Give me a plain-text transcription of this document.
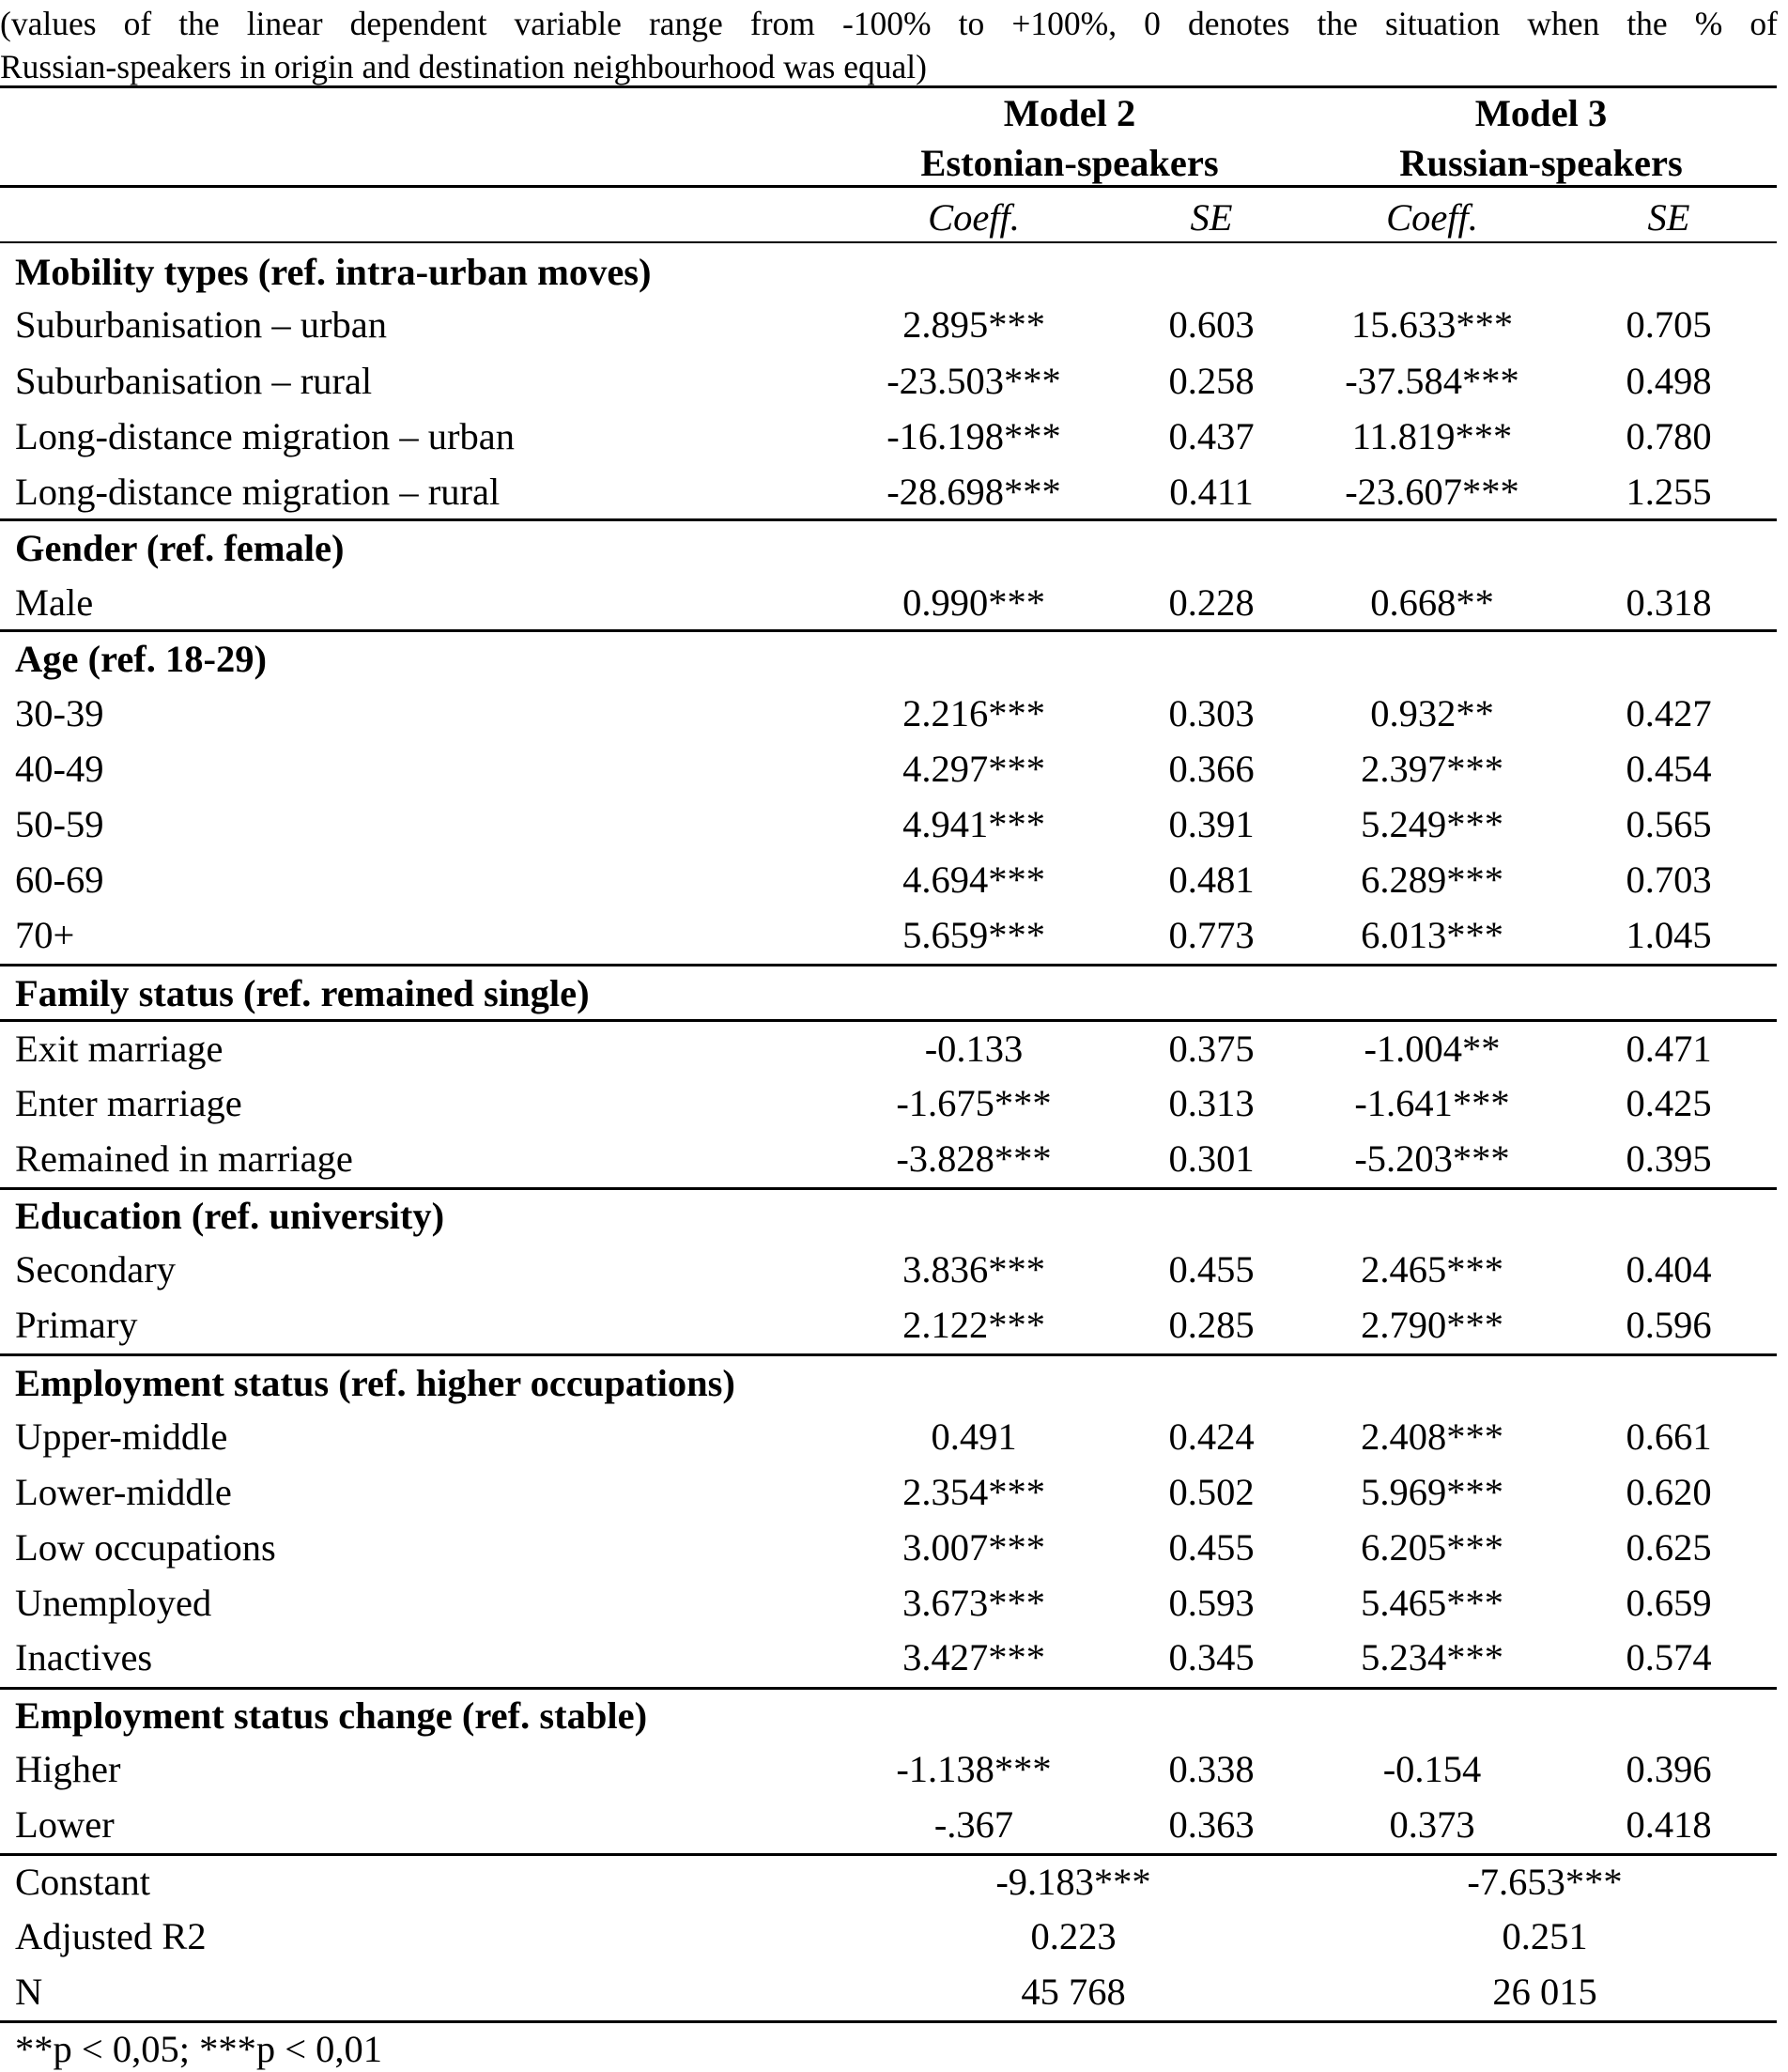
(values of the linear dependent variable range from -100% to +100%, 0 denotes the situation when the % of
Russian-speakers in origin and destination neighbourhood was equal)
Model 2
Estonian-speakers
Model 3
Russian-speakers
Coeff.	SE	Coeff.	SE
Mobility types (ref. intra-urban moves)
Suburbanisation – urban	2.895***	0.603	15.633***	0.705
Suburbanisation – rural	-23.503***	0.258 -37.584***	0.498
Long-distance migration – urban	-16.198***	0.437	11.819***	0.780
Long-distance migration – rural	-28.698***	0.411 -23.607***	1.255
Gender (ref. female)
Male	0.990***	0.228	0.668**	0.318
Age (ref. 18-29)
30-39	2.216***	0.303	0.932**	0.427
40-49	4.297***	0.366	2.397***	0.454
50-59	4.941***	0.391	5.249***	0.565
60-69	4.694***	0.481	6.289***	0.703
70+	5.659***	0.773	6.013***	1.045
Family status (ref. remained single)
Exit marriage	-0.133	0.375	-1.004**	0.471
Enter marriage	-1.675***	0.313	-1.641***	0.425
Remained in marriage	-3.828***	0.301	-5.203***	0.395
Education (ref. university)
Secondary	3.836***	0.455	2.465***	0.404
Primary	2.122***	0.285	2.790***	0.596
Employment status (ref. higher occupations)
Upper-middle	0.491	0.424	2.408***	0.661
Lower-middle	2.354***	0.502	5.969***	0.620
Low occupations	3.007***	0.455	6.205***	0.625
Unemployed	3.673***	0.593	5.465***	0.659
Inactives	3.427***	0.345	5.234***	0.574
Employment status change (ref. stable)
Higher	-1.138***	0.338	-0.154	0.396
Lower	-.367	0.363	0.373	0.418
Constant	-9.183***	-7.653***
Adjusted R2	0.223	0.251
N	45 768	26 015
**p < 0,05; ***p < 0,01
